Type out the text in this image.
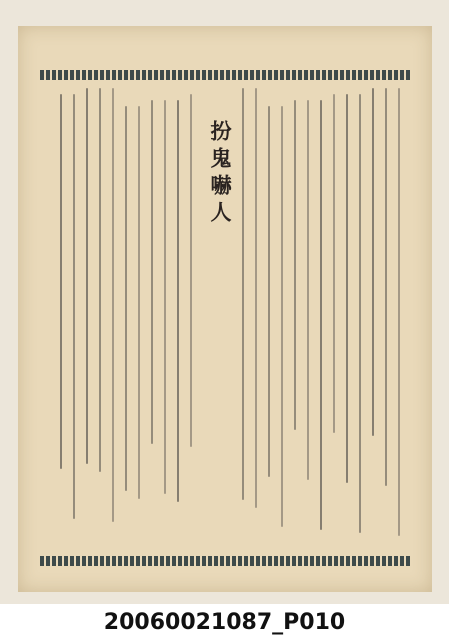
扮鬼嚇人
20060021087_P010
